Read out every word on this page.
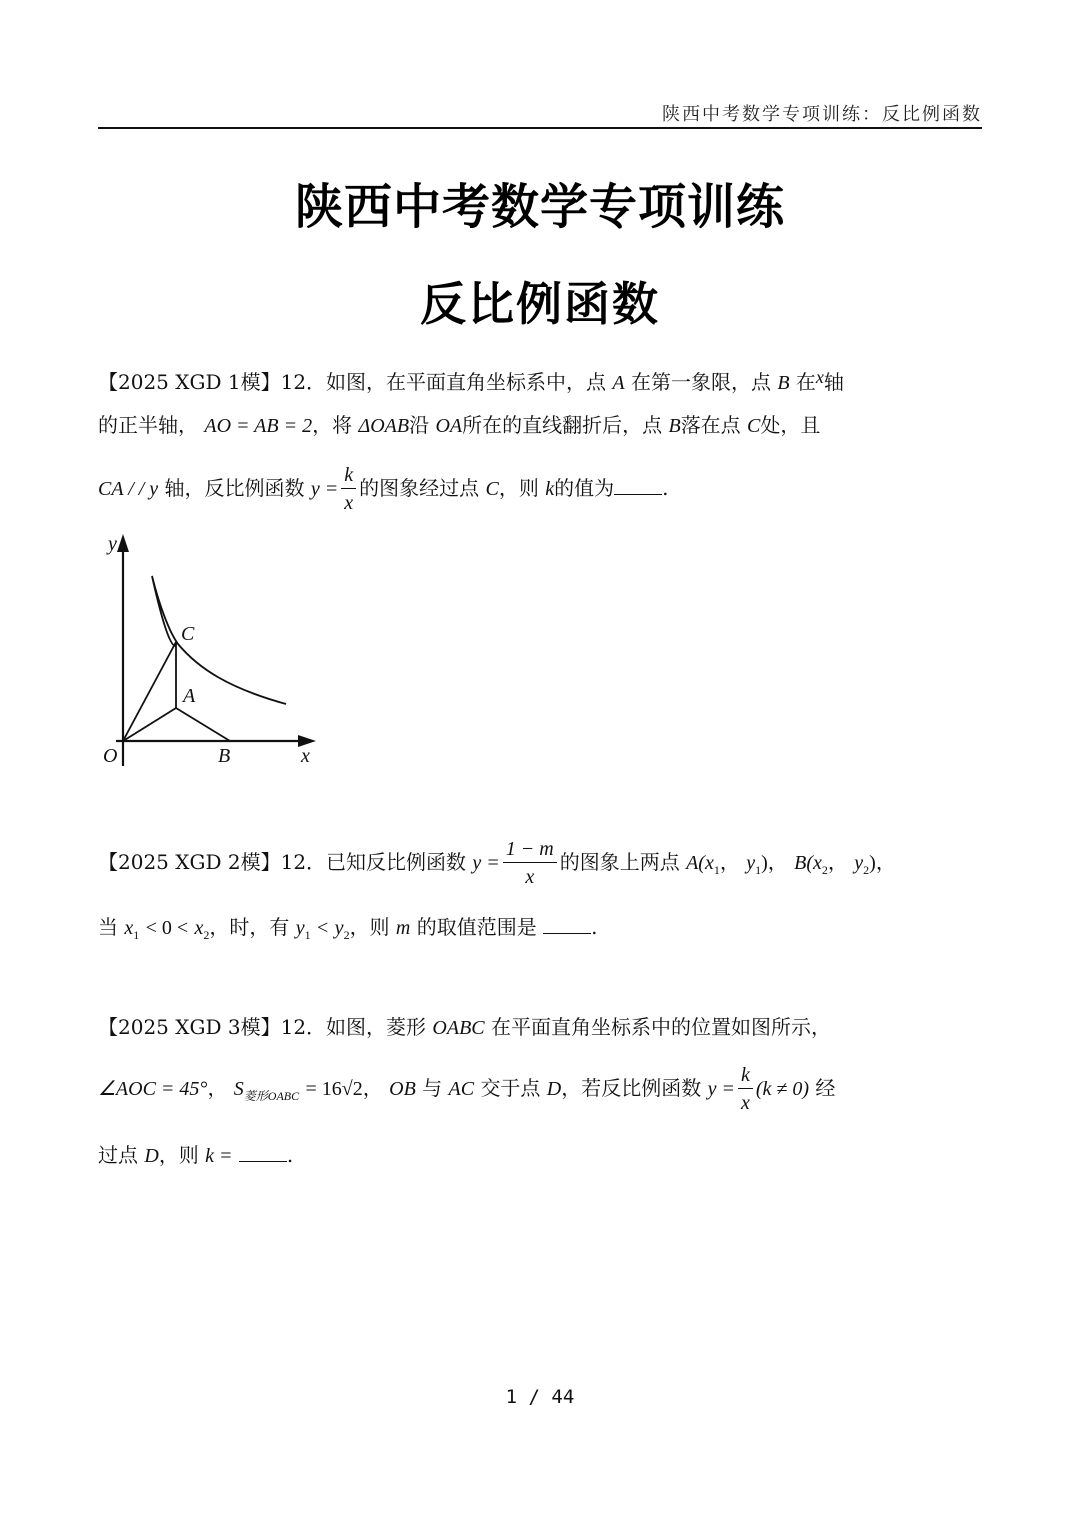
陕西中考数学专项训练：反比例函数
陕西中考数学专项训练
反比例函数
【2025 XGD 1模】12．如图，在平面直角坐标系中，点 A 在第一象限，点 B 在x轴
的正半轴， AO = AB = 2，将 ΔOAB沿 OA所在的直线翻折后，点 B落在点 C处，且
CA / / y 轴，反比例函数 $y = \frac{k}{x}$ 的图象经过点 C，则 k的值为 .
y
x
O
A
B
C
【2025 XGD 2模】12．已知反比例函数 $y = \frac{1 - m}{x}$ 的图象上两点 $A(x_1$， $y_1$)， $B(x_2$， $y_2$)，
当 $x_1 < 0 < x_2$，时，有 $y_1 < y_2$，则 m 的取值范围是	.
【2025 XGD 3模】12．如图，菱形 OABC 在平面直角坐标系中的位置如图所示，
∠AOC = 45°， $S_{菱形OABC} = 16√2$， OB 与 AC 交于点 D，若反比例函数 $y = \frac{k}{x} (k \ne 0)$ 经
过点 D，则 k =	.
1 / 44
